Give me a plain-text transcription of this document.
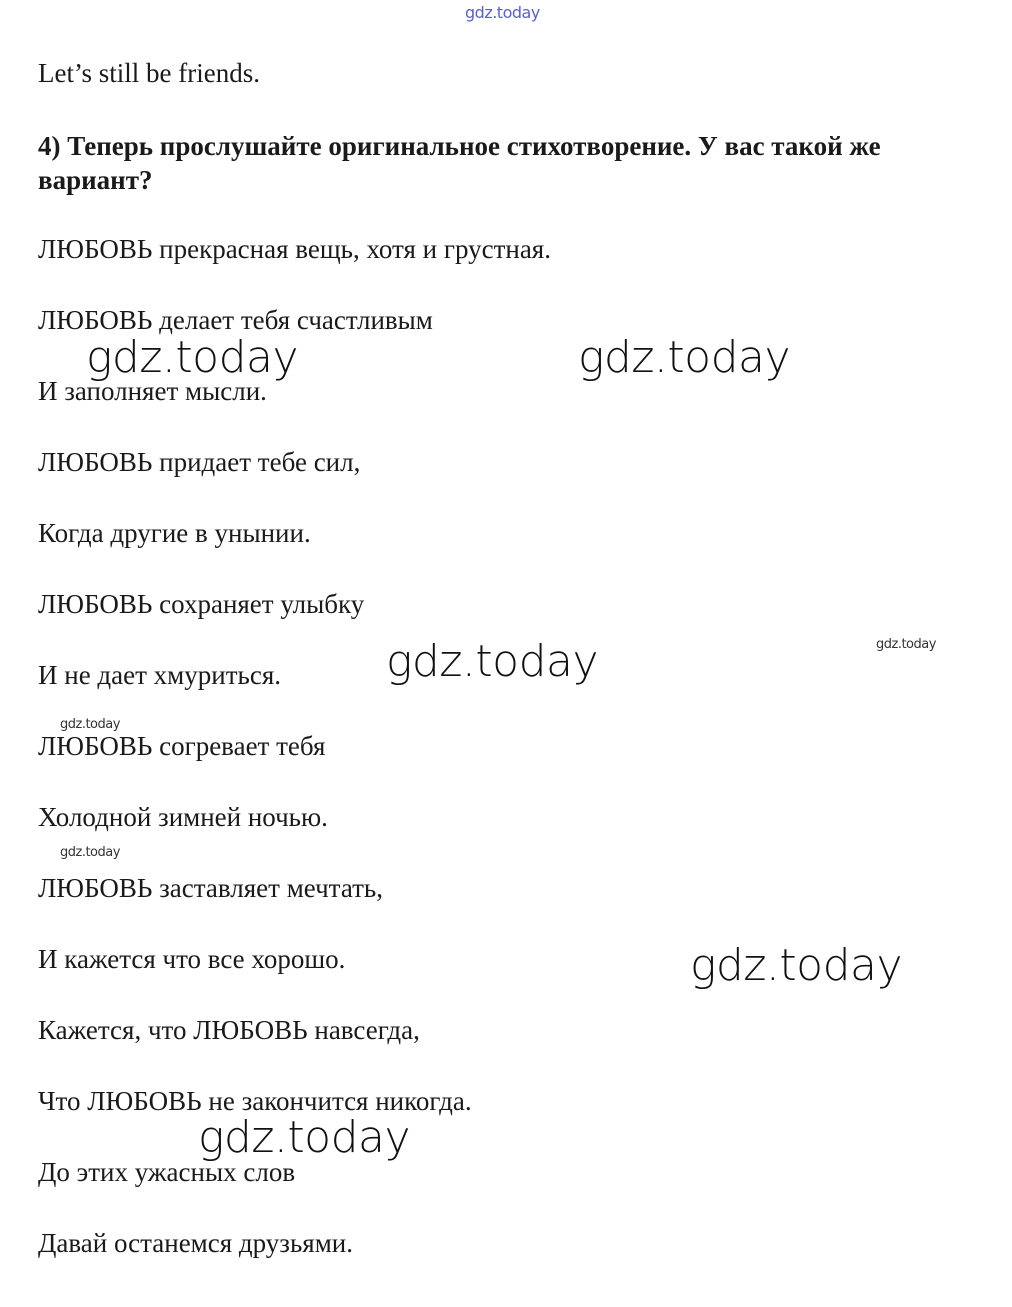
gdz.today

Let’s still be friends.

4) Теперь прослушайте оригинальное стихотворение. У вас такой же вариант?

ЛЮБОВЬ прекрасная вещь, хотя и грустная.

ЛЮБОВЬ делает тебя счастливым

И заполняет мысли.

ЛЮБОВЬ придает тебе сил,

Когда другие в унынии.

ЛЮБОВЬ сохраняет улыбку

И не дает хмуриться.

ЛЮБОВЬ согревает тебя

Холодной зимней ночью.

ЛЮБОВЬ заставляет мечтать,

И кажется что все хорошо.

Кажется, что ЛЮБОВЬ навсегда,

Что ЛЮБОВЬ не закончится никогда.

До этих ужасных слов

Давай останемся друзьями.

gdz.today	gdz.today
gdz.today
gdz.today
gdz.today
gdz.today
gdz.today
gdz.today
